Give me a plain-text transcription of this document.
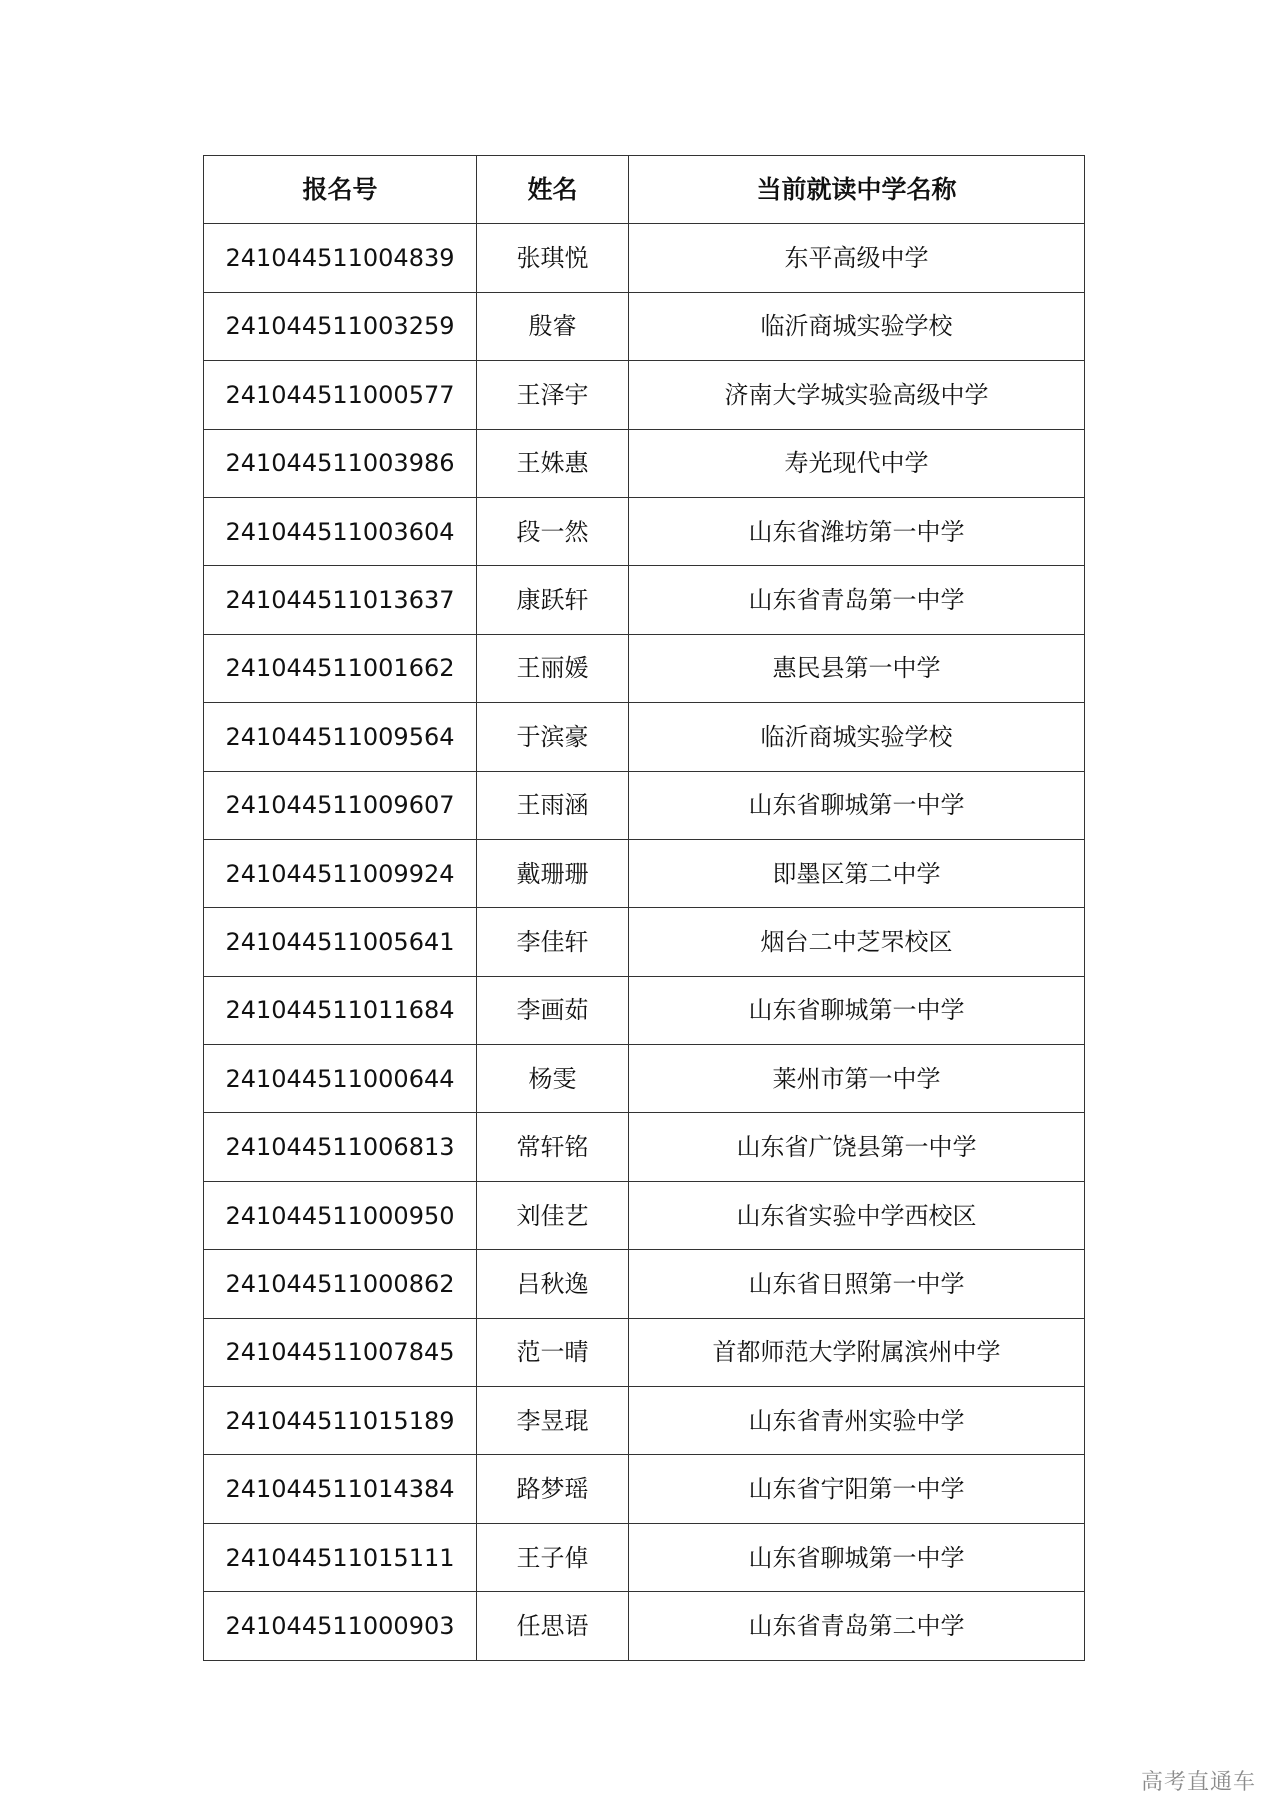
报名号	姓名	当前就读中学名称
241044511004839	张琪悦	东平高级中学
241044511003259	殷睿	临沂商城实验学校
241044511000577	王泽宇	济南大学城实验高级中学
241044511003986	王姝惠	寿光现代中学
241044511003604	段一然	山东省潍坊第一中学
241044511013637	康跃轩	山东省青岛第一中学
241044511001662	王丽媛	惠民县第一中学
241044511009564	于滨豪	临沂商城实验学校
241044511009607	王雨涵	山东省聊城第一中学
241044511009924	戴珊珊	即墨区第二中学
241044511005641	李佳轩	烟台二中芝罘校区
241044511011684	李画茹	山东省聊城第一中学
241044511000644	杨雯	莱州市第一中学
241044511006813	常轩铭	山东省广饶县第一中学
241044511000950	刘佳艺	山东省实验中学西校区
241044511000862	吕秋逸	山东省日照第一中学
241044511007845	范一晴	首都师范大学附属滨州中学
241044511015189	李昱琨	山东省青州实验中学
241044511014384	路梦瑶	山东省宁阳第一中学
241044511015111	王子倬	山东省聊城第一中学
241044511000903	任思语	山东省青岛第二中学
高考直通车
